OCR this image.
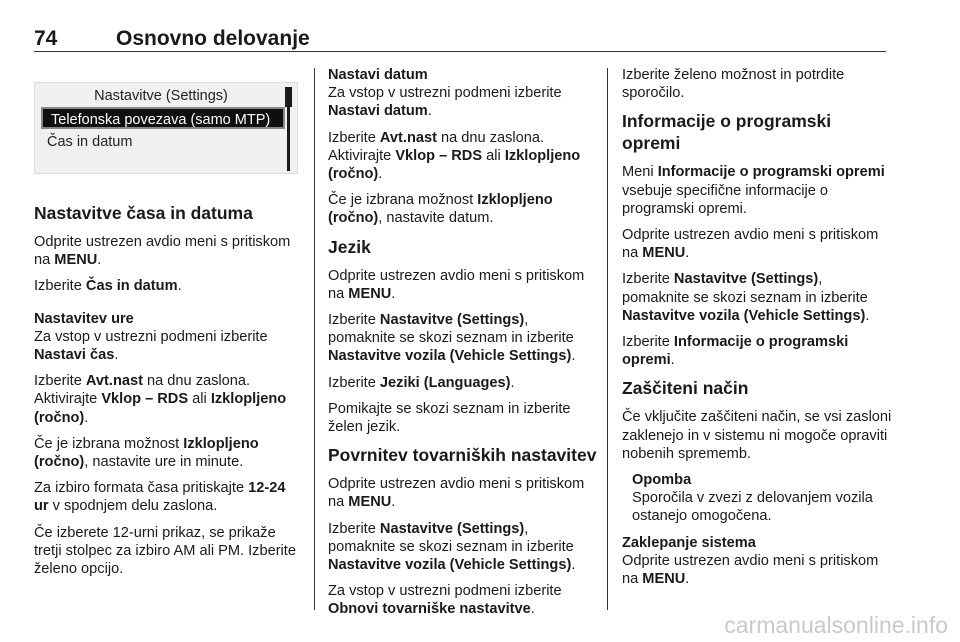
74	Osnovno delovanje
Nastavitve (Settings)
Telefonska povezava (samo MTP)
Čas in datum
Nastavitve časa in datuma

Odprite ustrezen avdio meni s pritiskom na MENU.

Izberite Čas in datum.

Nastavitev ure

Za vstop v ustrezni podmeni izberite Nastavi čas.

Izberite Avt.nast na dnu zaslona. Aktivirajte Vklop – RDS ali Izklopljeno (ročno).

Če je izbrana možnost Izklopljeno (ročno), nastavite ure in minute.

Za izbiro formata časa pritiskajte 12-24 ur v spodnjem delu zaslona.

Če izberete 12-urni prikaz, se prikaže tretji stolpec za izbiro AM ali PM. Izberite želeno opcijo.

Nastavi datum

Za vstop v ustrezni podmeni izberite Nastavi datum.

Izberite Avt.nast na dnu zaslona. Aktivirajte Vklop – RDS ali Izklopljeno (ročno).

Če je izbrana možnost Izklopljeno (ročno), nastavite datum.

Jezik

Odprite ustrezen avdio meni s pritiskom na MENU.

Izberite Nastavitve (Settings), pomaknite se skozi seznam in izberite Nastavitve vozila (Vehicle Settings).

Izberite Jeziki (Languages).

Pomikajte se skozi seznam in izberite želen jezik.

Povrnitev tovarniških nastavitev

Odprite ustrezen avdio meni s pritiskom na MENU.

Izberite Nastavitve (Settings), pomaknite se skozi seznam in izberite Nastavitve vozila (Vehicle Settings).

Za vstop v ustrezni podmeni izberite Obnovi tovarniške nastavitve.

Izberite želeno možnost in potrdite sporočilo.

Informacije o programski opremi

Meni Informacije o programski opremi vsebuje specifične informacije o programski opremi.

Odprite ustrezen avdio meni s pritiskom na MENU.

Izberite Nastavitve (Settings), pomaknite se skozi seznam in izberite Nastavitve vozila (Vehicle Settings).

Izberite Informacije o programski opremi.

Zaščiteni način

Če vključite zaščiteni način, se vsi zasloni zaklenejo in v sistemu ni mogoče opraviti nobenih sprememb.

Opomba

Sporočila v zvezi z delovanjem vozila ostanejo omogočena.

Zaklepanje sistema

Odprite ustrezen avdio meni s pritiskom na MENU.

carmanualsonline.info
